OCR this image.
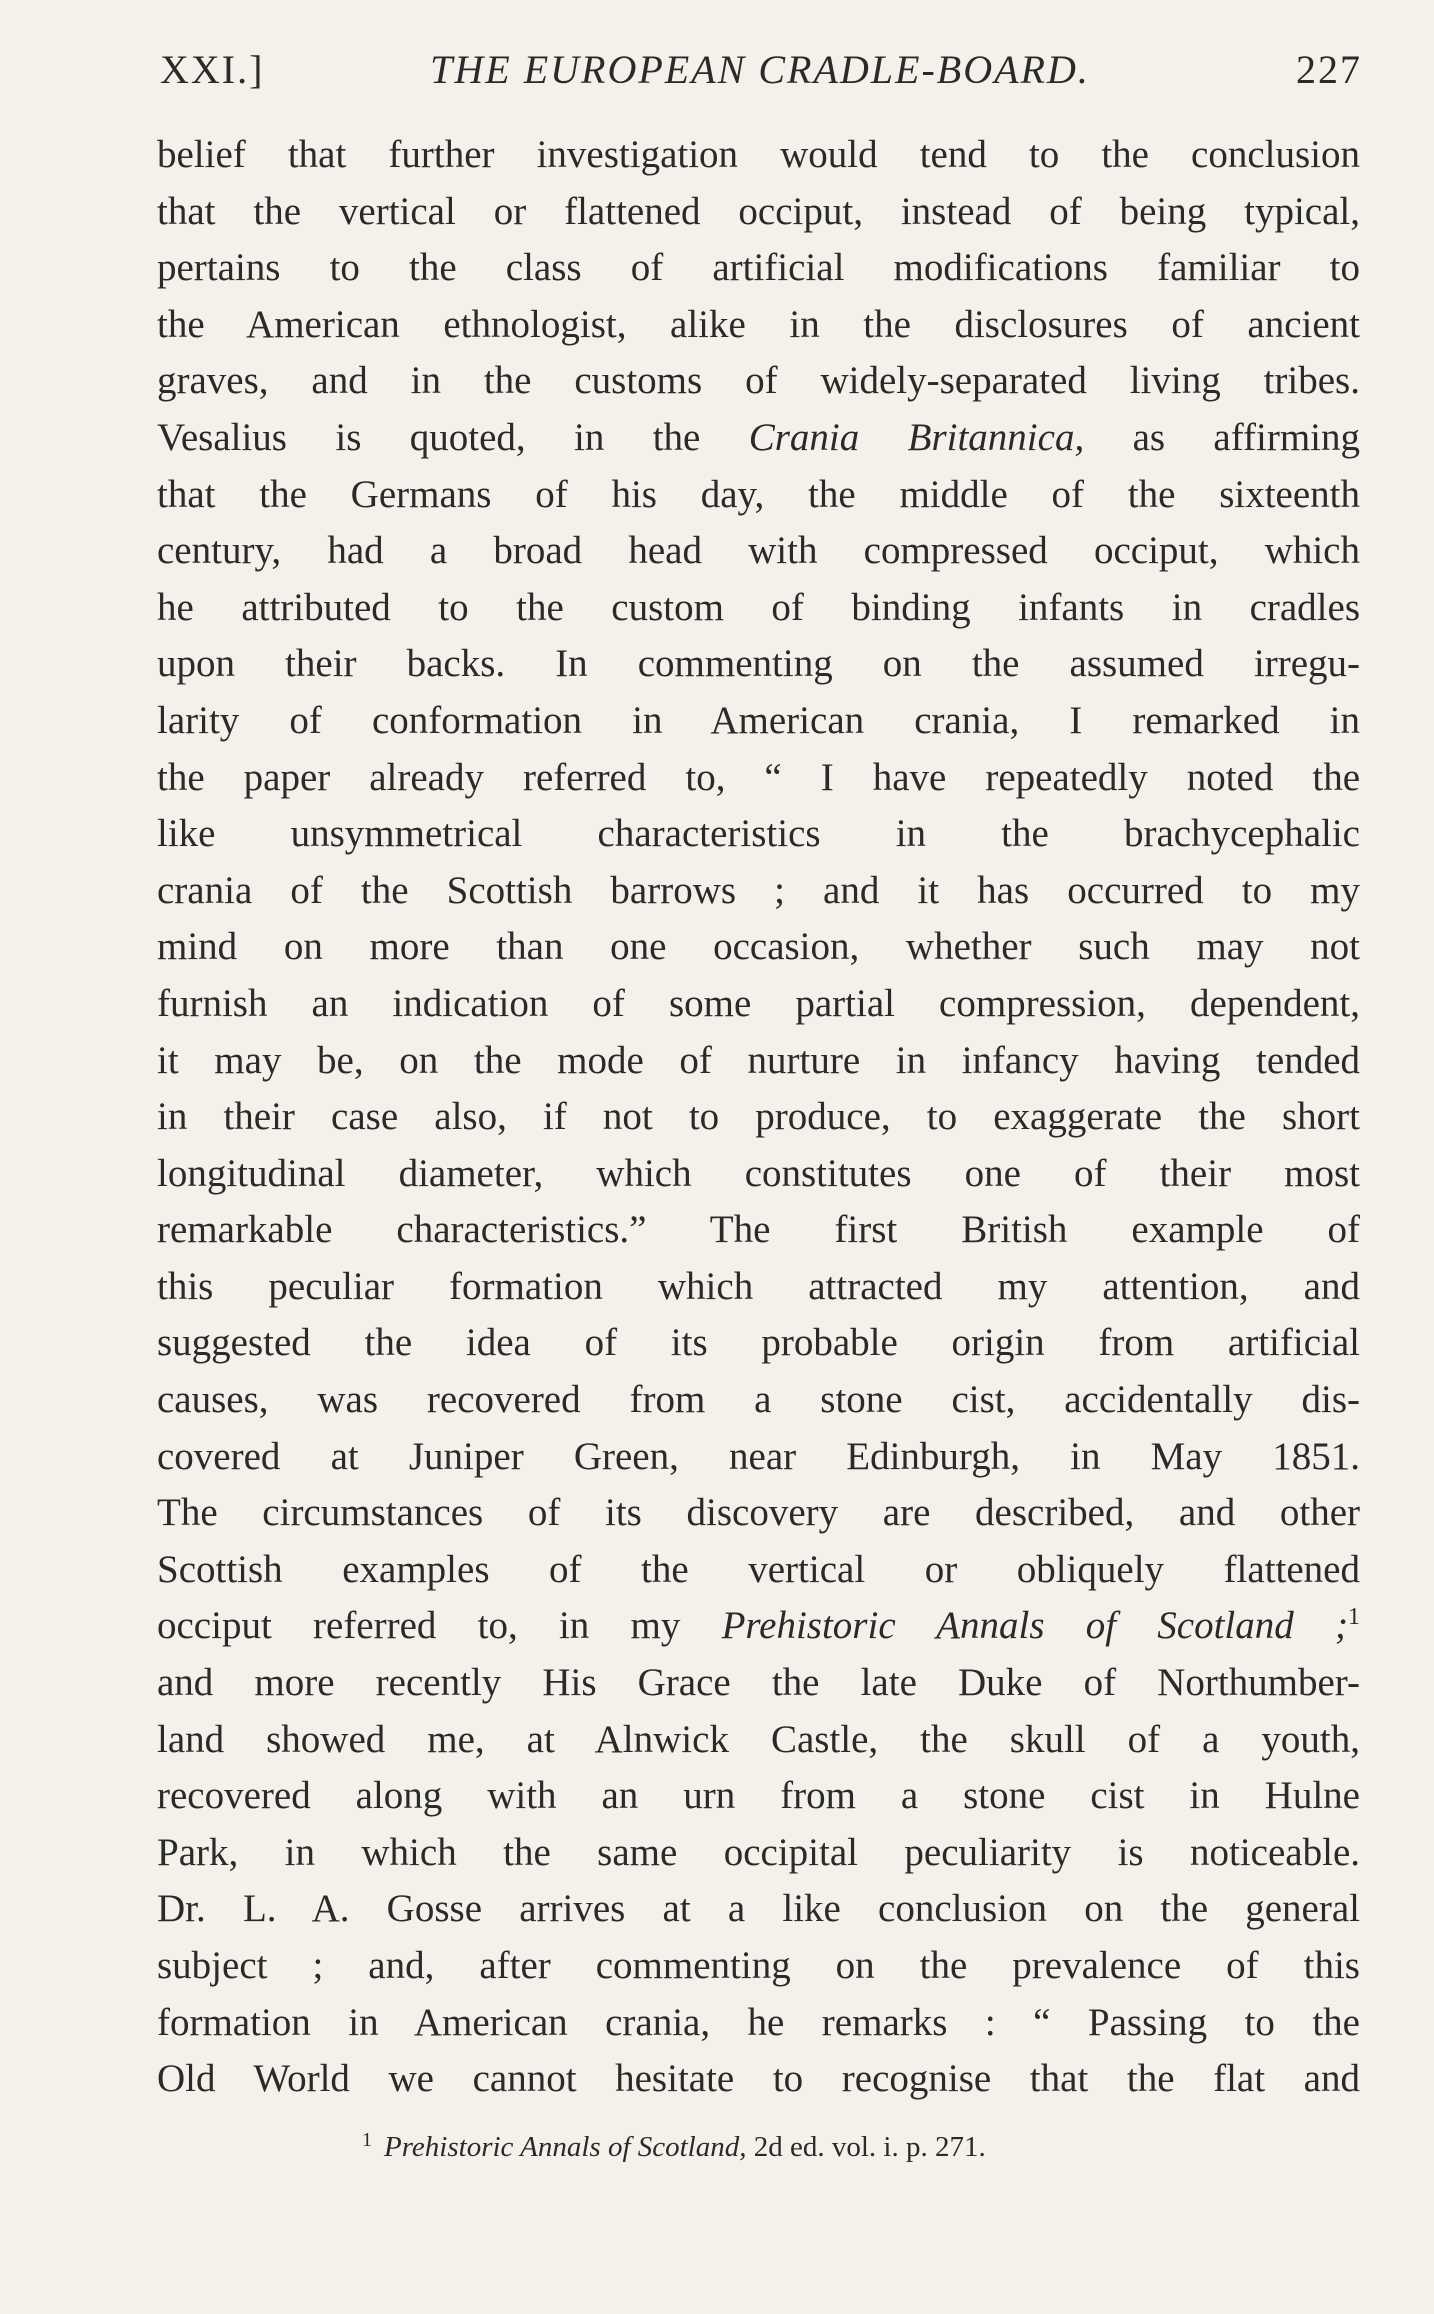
XXI.]	THE EUROPEAN CRADLE-BOARD.	227
belief that further investigation would tend to the conclusion
that the vertical or flattened occiput, instead of being typical,
pertains to the class of artificial modifications familiar to
the American ethnologist, alike in the disclosures of ancient
graves, and in the customs of widely-separated living tribes.
Vesalius is quoted, in the Crania Britannica, as affirming
that the Germans of his day, the middle of the sixteenth
century, had a broad head with compressed occiput, which
he attributed to the custom of binding infants in cradles
upon their backs. In commenting on the assumed irregu-
larity of conformation in American crania, I remarked in
the paper already referred to, “ I have repeatedly noted the
like unsymmetrical characteristics in the brachycephalic
crania of the Scottish barrows ; and it has occurred to my
mind on more than one occasion, whether such may not
furnish an indication of some partial compression, dependent,
it may be, on the mode of nurture in infancy having tended
in their case also, if not to produce, to exaggerate the short
longitudinal diameter, which constitutes one of their most
remarkable characteristics.” The first British example of
this peculiar formation which attracted my attention, and
suggested the idea of its probable origin from artificial
causes, was recovered from a stone cist, accidentally dis-
covered at Juniper Green, near Edinburgh, in May 1851.
The circumstances of its discovery are described, and other
Scottish examples of the vertical or obliquely flattened
occiput referred to, in my Prehistoric Annals of Scotland ;$^1$
and more recently His Grace the late Duke of Northumber-
land showed me, at Alnwick Castle, the skull of a youth,
recovered along with an urn from a stone cist in Hulne
Park, in which the same occipital peculiarity is noticeable.
Dr. L. A. Gosse arrives at a like conclusion on the general
subject ; and, after commenting on the prevalence of this
formation in American crania, he remarks : “ Passing to the
Old World we cannot hesitate to recognise that the flat and
$^1$ Prehistoric Annals of Scotland, 2d ed. vol. i. p. 271.
